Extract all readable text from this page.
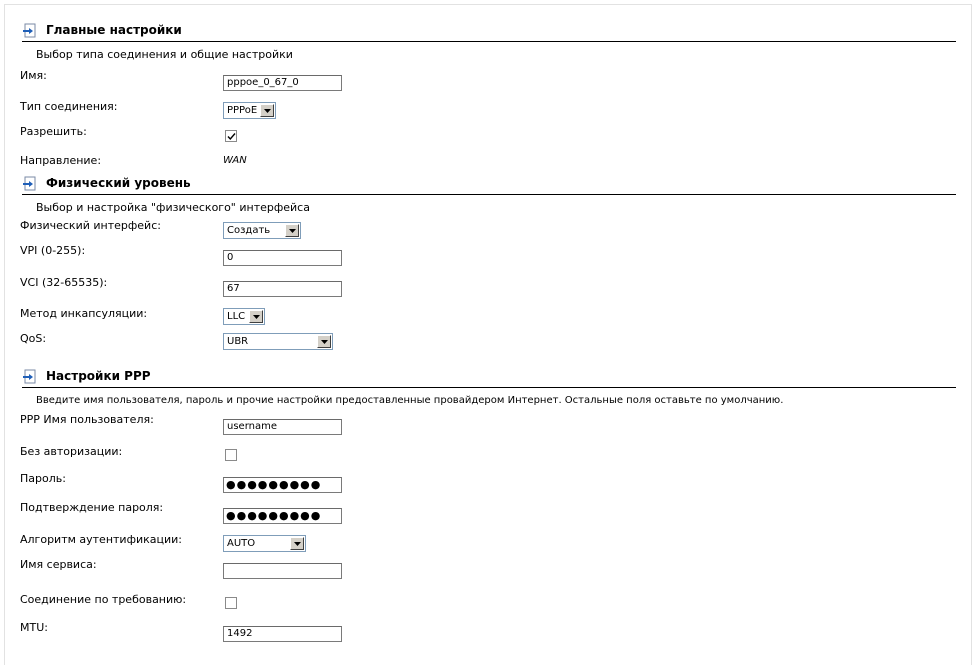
Главные настройки
Выбор типа соединения и общие настройки
Имя:
pppoe_0_67_0
Тип соединения:	PPPoE
Разрешить:
Направление:	WAN
Физический уровень
Выбор и настройка "физического" интерфейса
Физический интерфейс:	Создать
VPI (0-255):
0
VCI (32-65535):	67
Метод инкапсуляции:	LLC
QoS:	UBR
Настройки PPP
Введите имя пользователя, пароль и прочие настройки предоставленные провайдером Интернет. Остальные поля оставьте по умолчанию.
PPP Имя пользователя:
username
Без авторизации:
Пароль:	●●●●●●●●●
Подтверждение пароля:
●●●●●●●●●
Алгоритм аутентификации:	AUTO
Имя сервиса:
Соединение по требованию:
MTU:	1492
